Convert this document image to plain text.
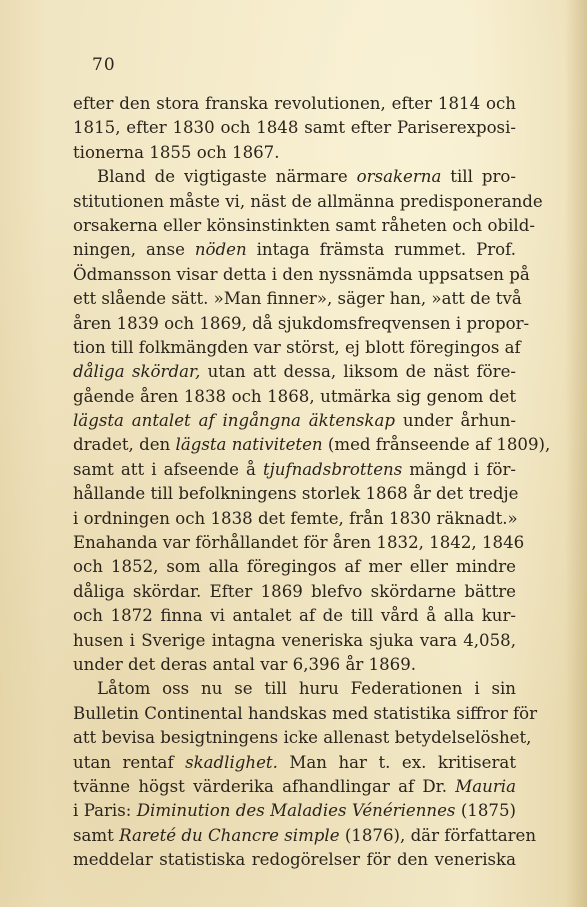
70
efter den stora franska revolutionen, efter 1814 och
1815, efter 1830 och 1848 samt efter Pariserexposi-
tionerna 1855 och 1867.
Bland de vigtigaste närmare orsakerna till pro-
stitutionen måste vi, näst de allmänna predisponerande
orsakerna eller könsinstinkten samt råheten och obild-
ningen, anse nöden intaga främsta rummet. Prof.
Ödmansson visar detta i den nyssnämda uppsatsen på
ett slående sätt. »Man finner», säger han, »att de två
åren 1839 och 1869, då sjukdomsfreqvensen i propor-
tion till folkmängden var störst, ej blott föregingos af
dåliga skördar, utan att dessa, liksom de näst före-
gående åren 1838 och 1868, utmärka sig genom det
lägsta antalet af ingångna äktenskap under århun-
dradet, den lägsta nativiteten (med frånseende af 1809),
samt att i afseende å tjufnadsbrottens mängd i för-
hållande till befolkningens storlek 1868 år det tredje
i ordningen och 1838 det femte, från 1830 räknadt.»
Enahanda var förhållandet för åren 1832, 1842, 1846
och 1852, som alla föregingos af mer eller mindre
dåliga skördar. Efter 1869 blefvo skördarne bättre
och 1872 finna vi antalet af de till vård å alla kur-
husen i Sverige intagna veneriska sjuka vara 4,058,
under det deras antal var 6,396 år 1869.
Låtom oss nu se till huru Federationen i sin
Bulletin Continental handskas med statistika siffror för
att bevisa besigtningens icke allenast betydelselöshet,
utan rentaf skadlighet. Man har t. ex. kritiserat
tvänne högst värderika afhandlingar af Dr. Mauria
i Paris: Diminution des Maladies Vénériennes (1875)
samt Rareté du Chancre simple (1876), där författaren
meddelar statistiska redogörelser för den veneriska
